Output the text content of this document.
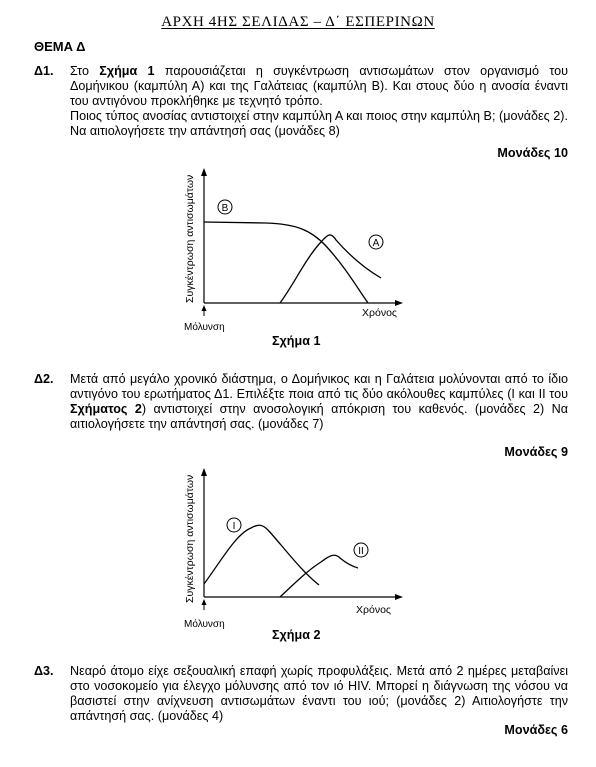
ΑΡΧΗ 4ΗΣ ΣΕΛΙΔΑΣ – Δ΄ ΕΣΠΕΡΙΝΩΝ
ΘΕΜΑ Δ
Δ1. Στο Σχήμα 1 παρουσιάζεται η συγκέντρωση αντισωμάτων στον οργανισμό του Δομήνικου (καμπύλη Α) και της Γαλάτειας (καμπύλη Β). Και στους δύο η ανοσία έναντι του αντιγόνου προκλήθηκε με τεχνητό τρόπο.
Ποιος τύπος ανοσίας αντιστοιχεί στην καμπύλη Α και ποιος στην καμπύλη Β; (μονάδες 2). Να αιτιολογήσετε την απάντησή σας (μονάδες 8)
Μονάδες 10
B
A
Συγκέντρωση αντισωμάτων
Χρόνος
Μόλυνση
Σχήμα 1
Δ2. Μετά από μεγάλο χρονικό διάστημα, ο Δομήνικος και η Γαλάτεια μολύνονται από το ίδιο αντιγόνο του ερωτήματος Δ1. Επιλέξτε ποια από τις δύο ακόλουθες καμπύλες (Ι και ΙΙ του Σχήματος 2) αντιστοιχεί στην ανοσολογική απόκριση του καθενός. (μονάδες 2) Να αιτιολογήσετε την απάντησή σας. (μονάδες 7)
Μονάδες 9
I
II
Συγκέντρωση αντισωμάτων
Χρόνος
Μόλυνση
Σχήμα 2
Δ3. Νεαρό άτομο είχε σεξουαλική επαφή χωρίς προφυλάξεις. Μετά από 2 ημέρες μεταβαίνει στο νοσοκομείο για έλεγχο μόλυνσης από τον ιό HIV. Μπορεί η διάγνωση της νόσου να βασιστεί στην ανίχνευση αντισωμάτων έναντι του ιού; (μονάδες 2) Αιτιολογήστε την απάντησή σας. (μονάδες 4)
Μονάδες 6
